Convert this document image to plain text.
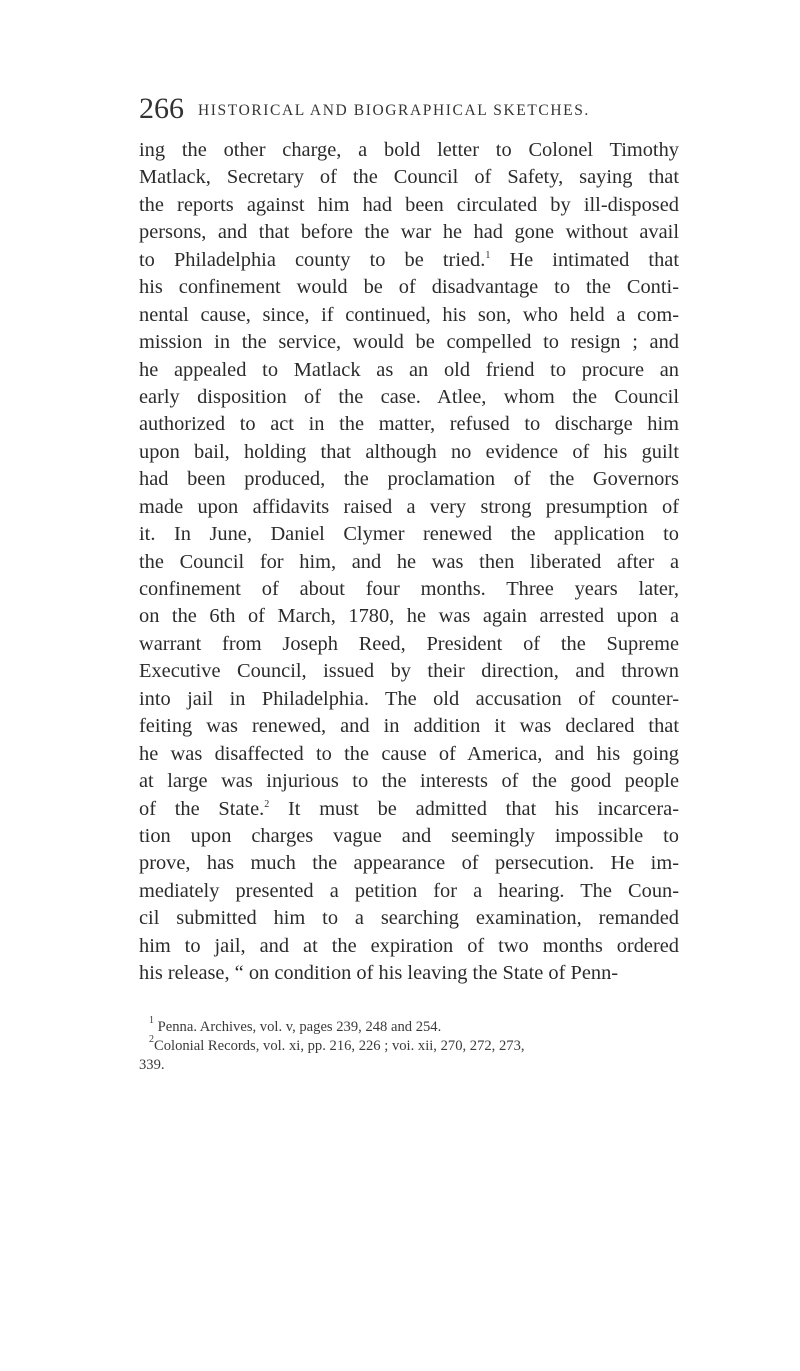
266 HISTORICAL AND BIOGRAPHICAL SKETCHES.
ing the other charge, a bold letter to Colonel Timothy
Matlack, Secretary of the Council of Safety, saying that
the reports against him had been circulated by ill-disposed
persons, and that before the war he had gone without avail
to Philadelphia county to be tried.$^1$ He intimated that
his confinement would be of disadvantage to the Conti-
nental cause, since, if continued, his son, who held a com-
mission in the service, would be compelled to resign ; and
he appealed to Matlack as an old friend to procure an
early disposition of the case. Atlee, whom the Council
authorized to act in the matter, refused to discharge him
upon bail, holding that although no evidence of his guilt
had been produced, the proclamation of the Governors
made upon affidavits raised a very strong presumption of
it. In June, Daniel Clymer renewed the application to
the Council for him, and he was then liberated after a
confinement of about four months. Three years later,
on the 6th of March, 1780, he was again arrested upon a
warrant from Joseph Reed, President of the Supreme
Executive Council, issued by their direction, and thrown
into jail in Philadelphia. The old accusation of counter-
feiting was renewed, and in addition it was declared that
he was disaffected to the cause of America, and his going
at large was injurious to the interests of the good people
of the State.$^2$ It must be admitted that his incarcera-
tion upon charges vague and seemingly impossible to
prove, has much the appearance of persecution. He im-
mediately presented a petition for a hearing. The Coun-
cil submitted him to a searching examination, remanded
him to jail, and at the expiration of two months ordered
his release, “ on condition of his leaving the State of Penn-
$^1$ Penna. Archives, vol. v, pages 239, 248 and 254.
$^2$Colonial Records, vol. xi, pp. 216, 226 ; voi. xii, 270, 272, 273,
339.
